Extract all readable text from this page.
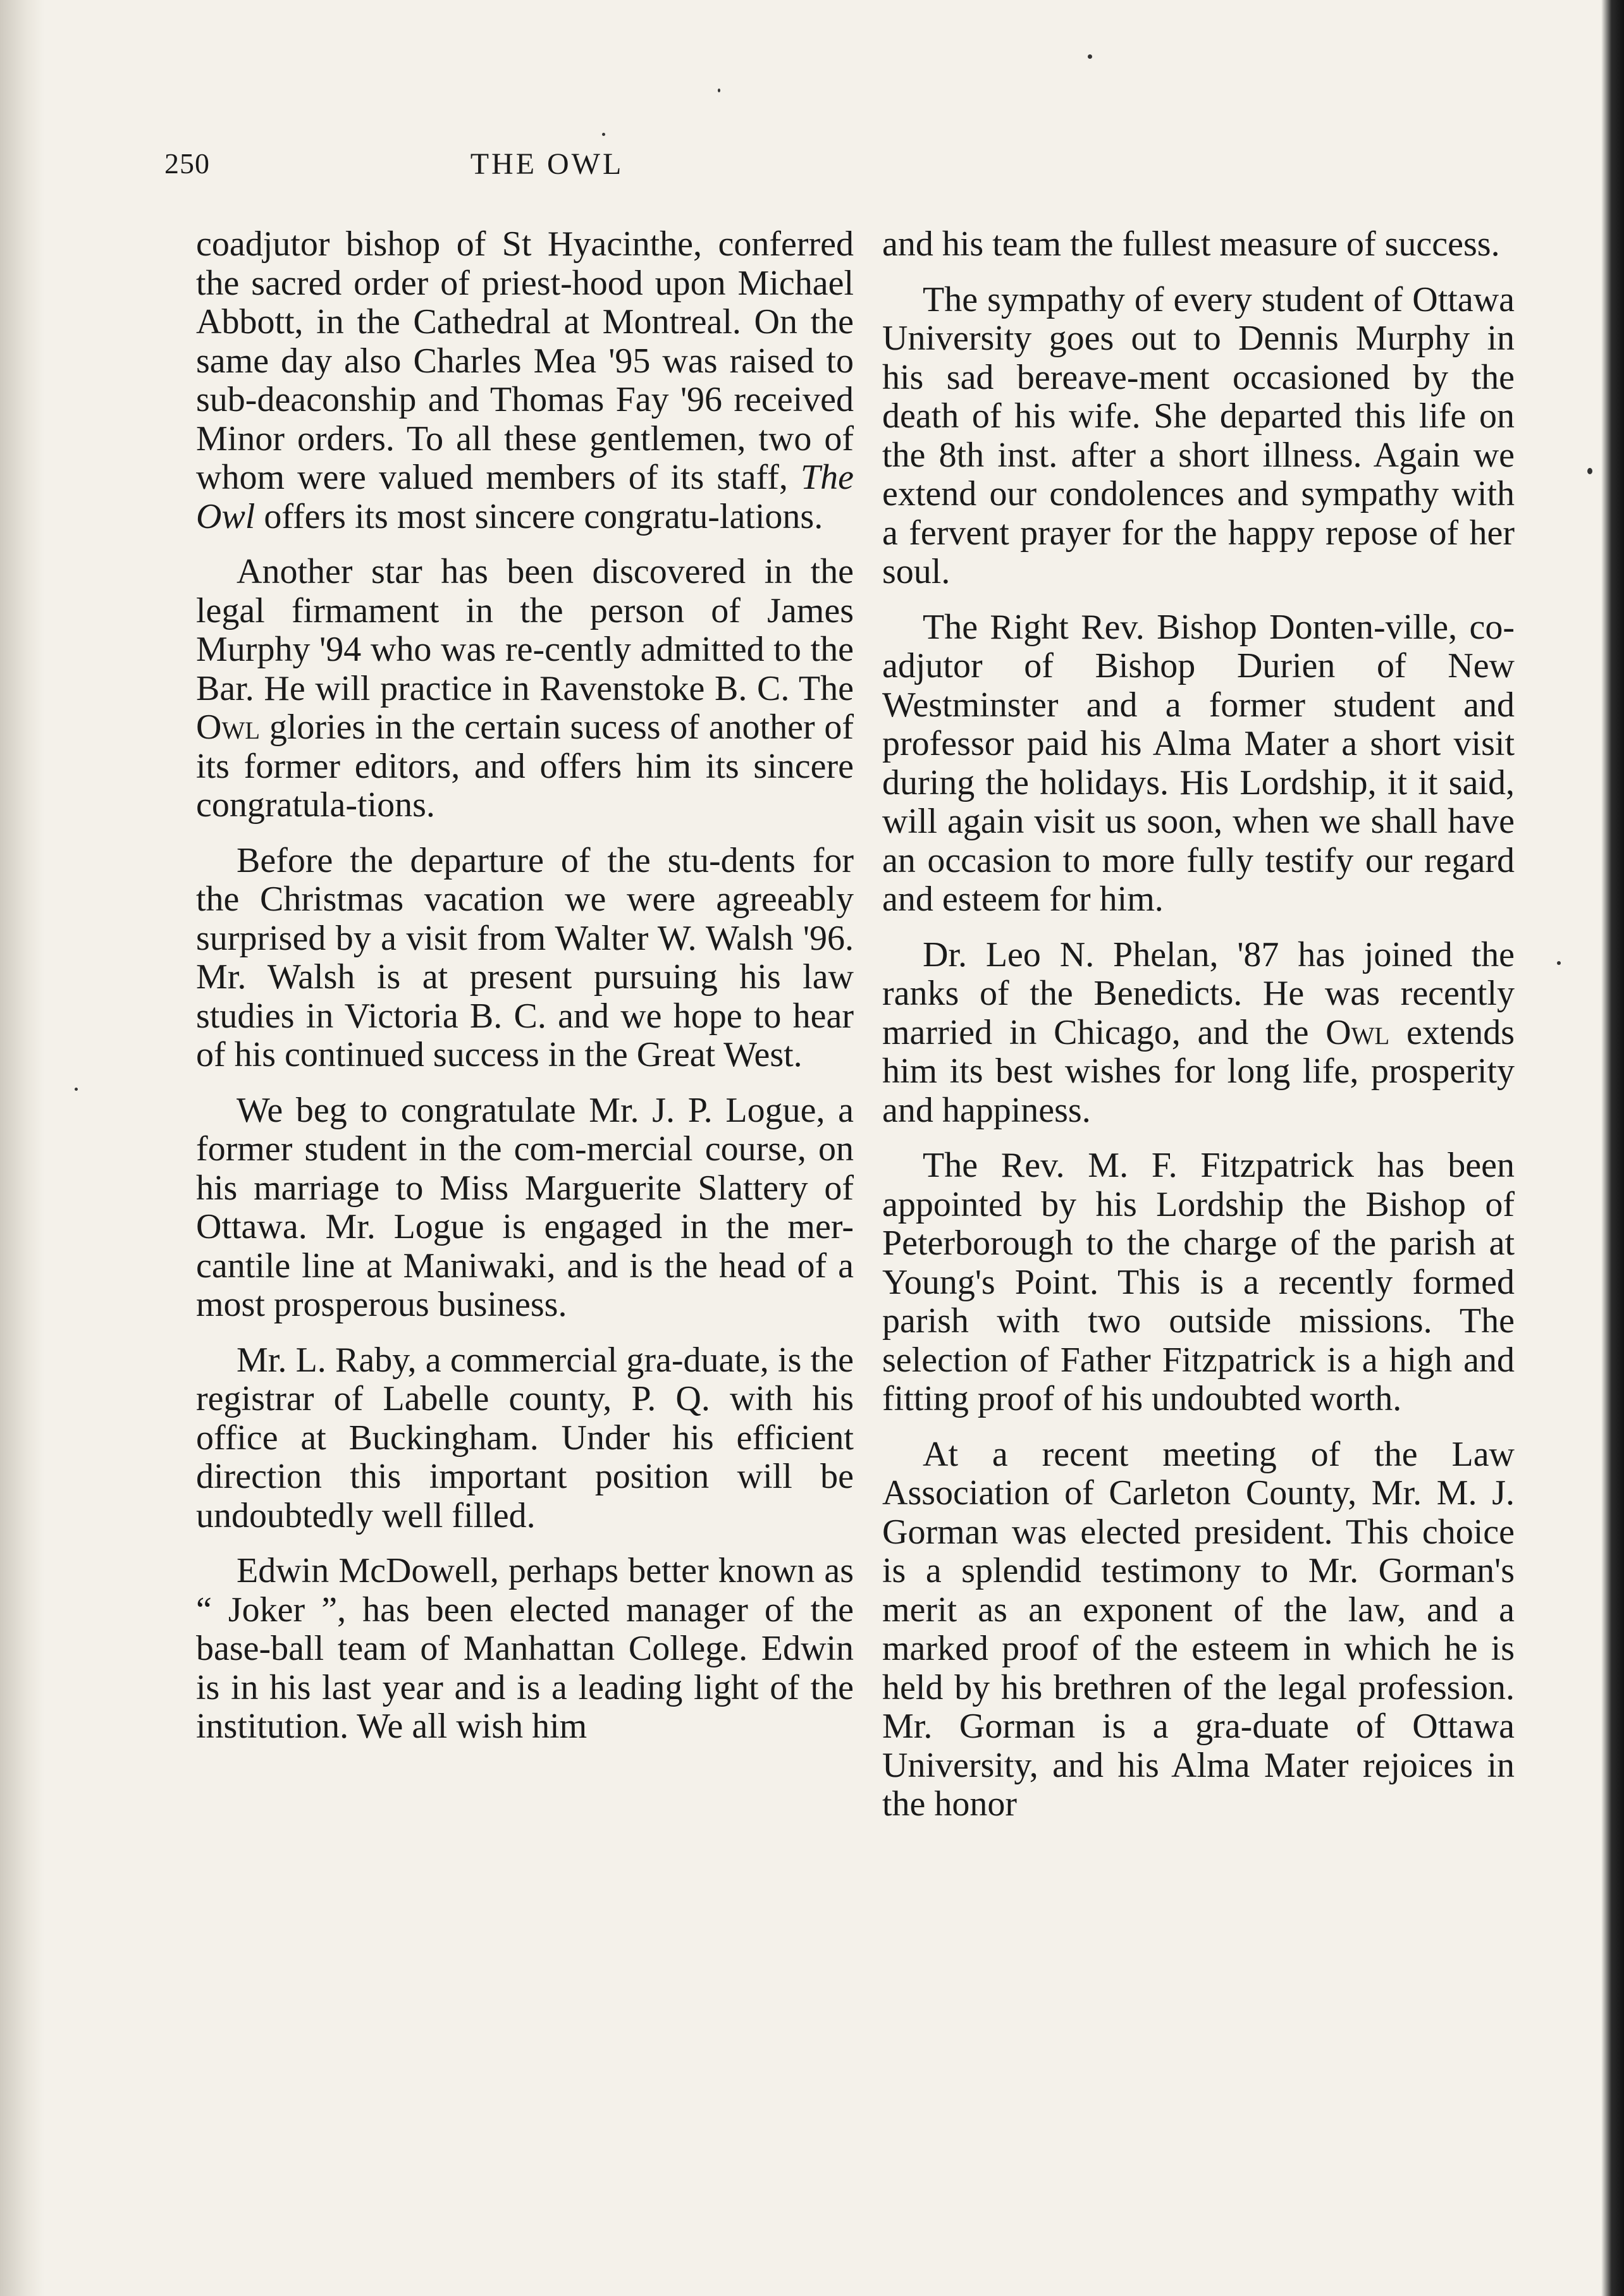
250	THE OWL

coadjutor bishop of St Hyacinthe, conferred the sacred order of priest-hood upon Michael Abbott, in the Cathedral at Montreal. On the same day also Charles Mea '95 was raised to sub-deaconship and Thomas Fay '96 received Minor orders. To all these gentlemen, two of whom were valued members of its staff, The Owl offers its most sincere congratu-lations.

Another star has been discovered in the legal firmament in the person of James Murphy '94 who was re-cently admitted to the Bar. He will practice in Ravenstoke B. C. The Owl glories in the certain sucess of another of its former editors, and offers him its sincere congratula-tions.

Before the departure of the stu-dents for the Christmas vacation we were agreeably surprised by a visit from Walter W. Walsh '96. Mr. Walsh is at present pursuing his law studies in Victoria B. C. and we hope to hear of his continued success in the Great West.

We beg to congratulate Mr. J. P. Logue, a former student in the com-mercial course, on his marriage to Miss Marguerite Slattery of Ottawa. Mr. Logue is engaged in the mer-cantile line at Maniwaki, and is the head of a most prosperous business.

Mr. L. Raby, a commercial gra-duate, is the registrar of Labelle county, P. Q. with his office at Buckingham. Under his efficient direction this important position will be undoubtedly well filled.

Edwin McDowell, perhaps better known as “ Joker ”, has been elected manager of the base-ball team of Manhattan College. Edwin is in his last year and is a leading light of the institution. We all wish him

and his team the fullest measure of success.

The sympathy of every student of Ottawa University goes out to Dennis Murphy in his sad bereave-ment occasioned by the death of his wife. She departed this life on the 8th inst. after a short illness. Again we extend our condolences and sympathy with a fervent prayer for the happy repose of her soul.

The Right Rev. Bishop Donten-ville, co-adjutor of Bishop Durien of New Westminster and a former student and professor paid his Alma Mater a short visit during the holidays. His Lordship, it it said, will again visit us soon, when we shall have an occasion to more fully testify our regard and esteem for him.

Dr. Leo N. Phelan, '87 has joined the ranks of the Benedicts. He was recently married in Chicago, and the Owl extends him its best wishes for long life, prosperity and happiness.

The Rev. M. F. Fitzpatrick has been appointed by his Lordship the Bishop of Peterborough to the charge of the parish at Young's Point. This is a recently formed parish with two outside missions. The selection of Father Fitzpatrick is a high and fitting proof of his undoubted worth.

At a recent meeting of the Law Association of Carleton County, Mr. M. J. Gorman was elected president. This choice is a splendid testimony to Mr. Gorman's merit as an exponent of the law, and a marked proof of the esteem in which he is held by his brethren of the legal profession. Mr. Gorman is a gra-duate of Ottawa University, and his Alma Mater rejoices in the honor
